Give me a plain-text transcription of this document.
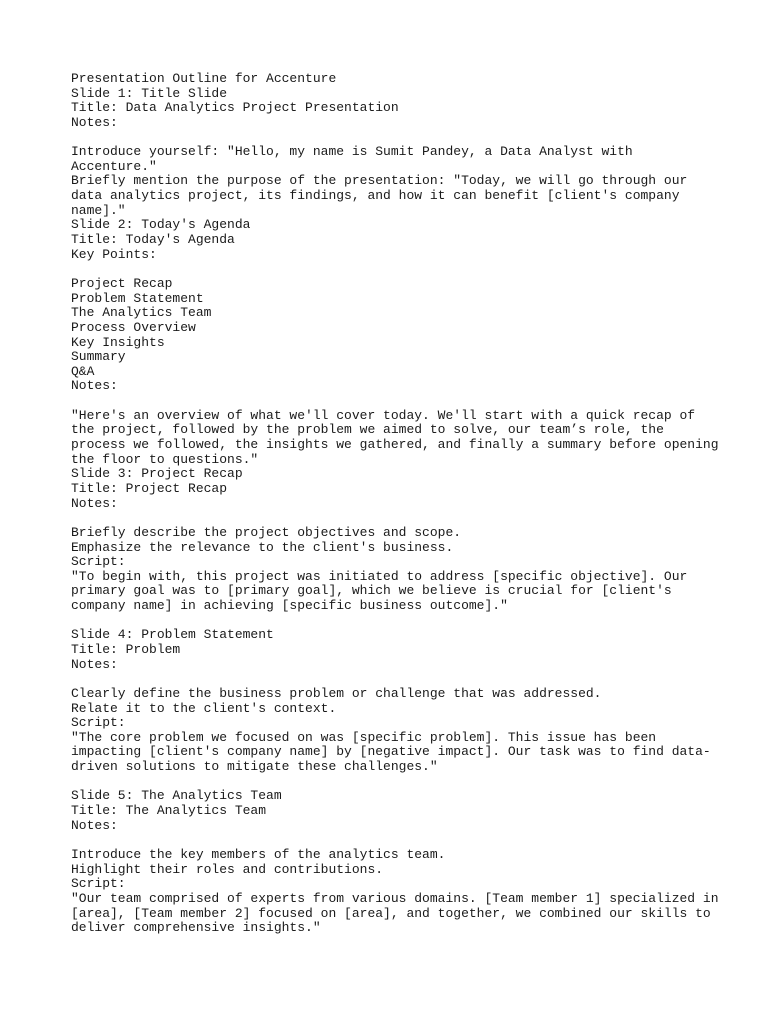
Presentation Outline for Accenture
Slide 1: Title Slide
Title: Data Analytics Project Presentation
Notes:
Introduce yourself: "Hello, my name is Sumit Pandey, a Data Analyst with
Accenture."
Briefly mention the purpose of the presentation: "Today, we will go through our
data analytics project, its findings, and how it can benefit [client's company
name]."
Slide 2: Today's Agenda
Title: Today's Agenda
Key Points:
Project Recap
Problem Statement
The Analytics Team
Process Overview
Key Insights
Summary
Q&A
Notes:
"Here's an overview of what we'll cover today. We'll start with a quick recap of
the project, followed by the problem we aimed to solve, our team’s role, the
process we followed, the insights we gathered, and finally a summary before opening
the floor to questions."
Slide 3: Project Recap
Title: Project Recap
Notes:
Briefly describe the project objectives and scope.
Emphasize the relevance to the client's business.
Script:
"To begin with, this project was initiated to address [specific objective]. Our
primary goal was to [primary goal], which we believe is crucial for [client's
company name] in achieving [specific business outcome]."
Slide 4: Problem Statement
Title: Problem
Notes:
Clearly define the business problem or challenge that was addressed.
Relate it to the client's context.
Script:
"The core problem we focused on was [specific problem]. This issue has been
impacting [client's company name] by [negative impact]. Our task was to find data-
driven solutions to mitigate these challenges."
Slide 5: The Analytics Team
Title: The Analytics Team
Notes:
Introduce the key members of the analytics team.
Highlight their roles and contributions.
Script:
"Our team comprised of experts from various domains. [Team member 1] specialized in
[area], [Team member 2] focused on [area], and together, we combined our skills to
deliver comprehensive insights."
